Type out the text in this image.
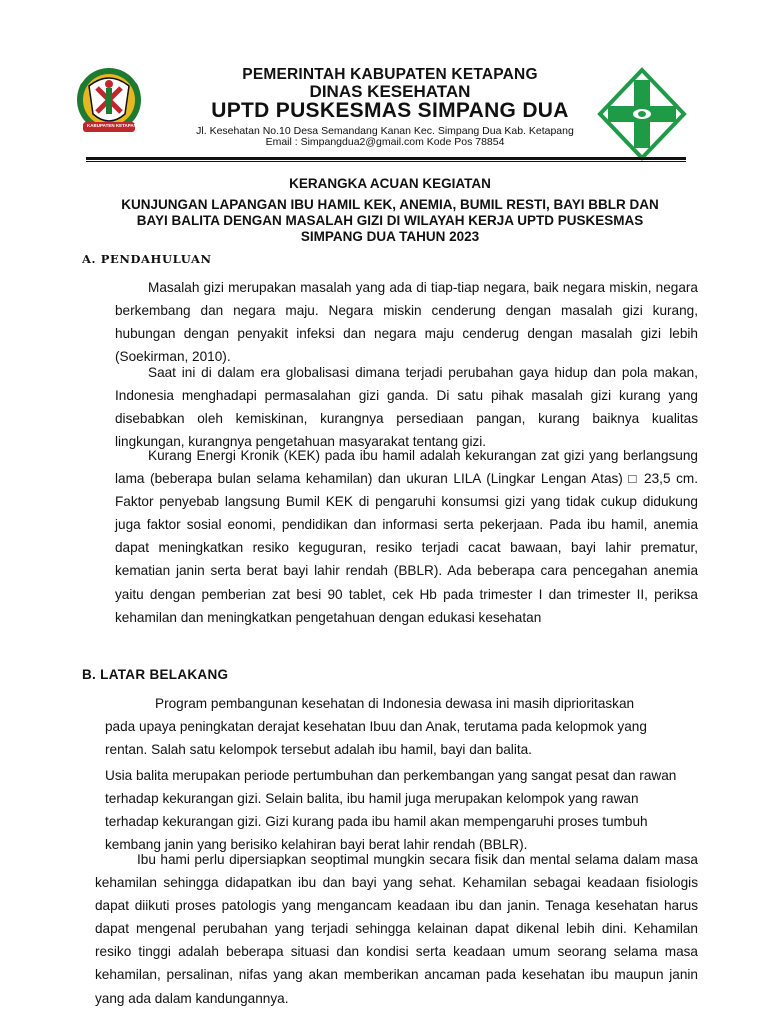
KABUPATEN KETAPANG
PEMERINTAH KABUPATEN KETAPANG
DINAS KESEHATAN
UPTD PUSKESMAS SIMPANG DUA
Jl. Kesehatan No.10 Desa Semandang Kanan Kec. Simpang Dua Kab. Ketapang
Email : Simpangdua2@gmail.com Kode Pos 78854
KERANGKA ACUAN KEGIATAN
KUNJUNGAN LAPANGAN IBU HAMIL KEK, ANEMIA, BUMIL RESTI, BAYI BBLR DAN
BAYI BALITA DENGAN MASALAH GIZI DI WILAYAH KERJA UPTD PUSKESMAS
SIMPANG DUA TAHUN 2023
A. PENDAHULUAN
Masalah gizi merupakan masalah yang ada di tiap-tiap negara, baik negara miskin, negara berkembang dan negara maju. Negara miskin cenderung dengan masalah gizi kurang, hubungan dengan penyakit infeksi dan negara maju cenderug dengan masalah gizi lebih (Soekirman, 2010).
Saat ini di dalam era globalisasi dimana terjadi perubahan gaya hidup dan pola makan, Indonesia menghadapi permasalahan gizi ganda. Di satu pihak masalah gizi kurang yang disebabkan oleh kemiskinan, kurangnya persediaan pangan, kurang baiknya kualitas lingkungan, kurangnya pengetahuan masyarakat tentang gizi.
Kurang Energi Kronik (KEK) pada ibu hamil adalah kekurangan zat gizi yang berlangsung lama (beberapa bulan selama kehamilan) dan ukuran LILA (Lingkar Lengan Atas) □ 23,5 cm. Faktor penyebab langsung Bumil KEK di pengaruhi konsumsi gizi yang tidak cukup didukung juga faktor sosial eonomi, pendidikan dan informasi serta pekerjaan. Pada ibu hamil, anemia dapat meningkatkan resiko keguguran, resiko terjadi cacat bawaan, bayi lahir prematur, kematian janin serta berat bayi lahir rendah (BBLR). Ada beberapa cara pencegahan anemia yaitu dengan pemberian zat besi 90 tablet, cek Hb pada trimester I dan trimester II, periksa kehamilan dan meningkatkan pengetahuan dengan edukasi kesehatan
B. LATAR BELAKANG
Program pembangunan kesehatan di Indonesia dewasa ini masih diprioritaskan pada upaya peningkatan derajat kesehatan Ibuu dan Anak, terutama pada kelopmok yang rentan. Salah satu kelompok tersebut adalah ibu hamil, bayi dan balita.
Usia balita merupakan periode pertumbuhan dan perkembangan yang sangat pesat dan rawan terhadap kekurangan gizi. Selain balita, ibu hamil juga merupakan kelompok yang rawan terhadap kekurangan gizi. Gizi kurang pada ibu hamil akan mempengaruhi proses tumbuh kembang janin yang berisiko kelahiran bayi berat lahir rendah (BBLR).
Ibu hami perlu dipersiapkan seoptimal mungkin secara fisik dan mental selama dalam masa kehamilan sehingga didapatkan ibu dan bayi yang sehat. Kehamilan sebagai keadaan fisiologis dapat diikuti proses patologis yang mengancam keadaan ibu dan janin. Tenaga kesehatan harus dapat mengenal perubahan yang terjadi sehingga kelainan dapat dikenal lebih dini. Kehamilan resiko tinggi adalah beberapa situasi dan kondisi serta keadaan umum seorang selama masa kehamilan, persalinan, nifas yang akan memberikan ancaman pada kesehatan ibu maupun janin yang ada dalam kandungannya.
